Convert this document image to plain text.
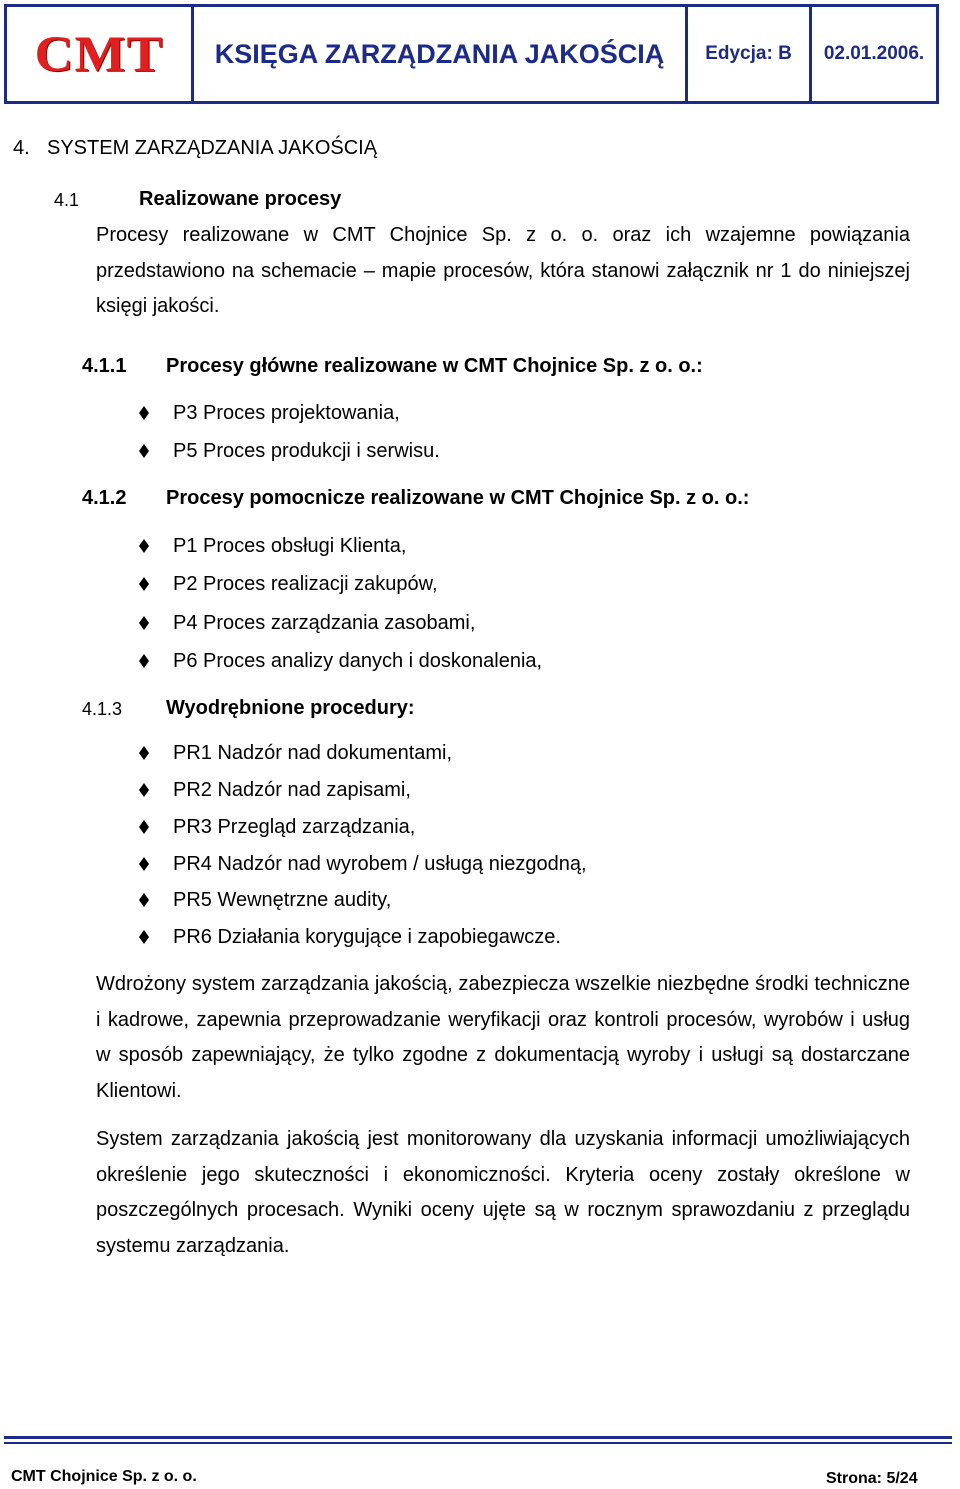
CMT	KSIĘGA ZARZĄDZANIA JAKOŚCIĄ	Edycja: B	02.01.2006.
4. SYSTEM ZARZĄDZANIA JAKOŚCIĄ
4.1	Realizowane procesy

Procesy realizowane w CMT Chojnice Sp. z o. o. oraz ich wzajemne powiązania przedstawiono na schemacie – mapie procesów, która stanowi załącznik nr 1 do niniejszej księgi jakości.

4.1.1 Procesy główne realizowane w CMT Chojnice Sp. z o. o.:
P3 Proces projektowania,
P5 Proces produkcji i serwisu.
4.1.2 Procesy pomocnicze realizowane w CMT Chojnice Sp. z o. o.:
P1 Proces obsługi Klienta,
P2 Proces realizacji zakupów,
P4 Proces zarządzania zasobami,
P6 Proces analizy danych i doskonalenia,
4.1.3 Wyodrębnione procedury:
PR1 Nadzór nad dokumentami,
PR2 Nadzór nad zapisami,
PR3 Przegląd zarządzania,
PR4 Nadzór nad wyrobem / usługą niezgodną,
PR5 Wewnętrzne audity,
PR6 Działania korygujące i zapobiegawcze.

Wdrożony system zarządzania jakością, zabezpiecza wszelkie niezbędne środki techniczne i kadrowe, zapewnia przeprowadzanie weryfikacji oraz kontroli procesów, wyrobów i usług w sposób zapewniający, że tylko zgodne z dokumentacją wyroby i usługi są dostarczane Klientowi.

System zarządzania jakością jest monitorowany dla uzyskania informacji umożliwiających określenie jego skuteczności i ekonomiczności. Kryteria oceny zostały określone w poszczególnych procesach. Wyniki oceny ujęte są w rocznym sprawozdaniu z przeglądu systemu zarządzania.

CMT Chojnice Sp. z o. o.	Strona: 5/24
